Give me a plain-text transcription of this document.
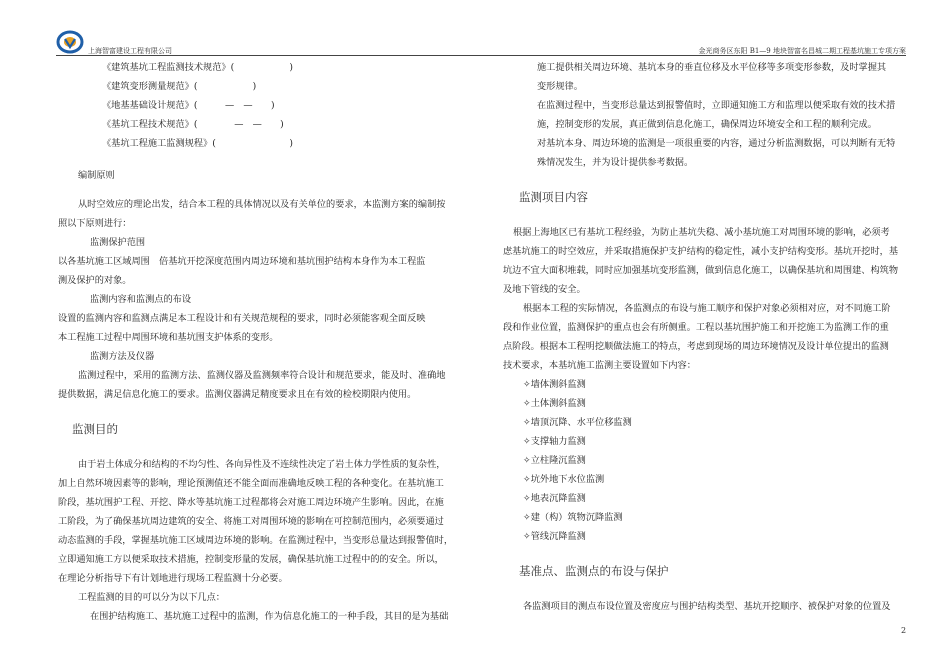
上海智富建设工程有限公司	金光商务区东阳 B1—9 地块智富名昌城二期工程基坑施工专项方案

《建筑基坑工程监测技术规范》(　　　　　　)

《建筑变形测量规范》(　　　　　　)

《地基基础设计规范》(　　　—　—　　)

《基坑工程技术规范》(　　　　—　—　　)

《基坑工程施工监测规程》(　　　　　　　　)

编制原则

从时空效应的理论出发，结合本工程的具体情况以及有关单位的要求，本监测方案的编制按

照以下原则进行：

监测保护范围

以各基坑施工区域周围　倍基坑开挖深度范围内周边环境和基坑围护结构本身作为本工程监

测及保护的对象。

监测内容和监测点的布设

设置的监测内容和监测点满足本工程设计和有关规范规程的要求，同时必须能客观全面反映

本工程施工过程中周围环境和基坑围支护体系的变形。

监测方法及仪器

监测过程中，采用的监测方法、监测仪器及监测频率符合设计和规范要求，能及时、准确地

提供数据，满足信息化施工的要求。监测仪器满足精度要求且在有效的检校期限内使用。

监测目的

由于岩土体成分和结构的不均匀性、各向异性及不连续性决定了岩土体力学性质的复杂性，

加上自然环境因素等的影响，理论预测值还不能全面而准确地反映工程的各种变化。在基坑施工

阶段，基坑围护工程、开挖、降水等基坑施工过程都将会对施工周边环境产生影响。因此，在施

工阶段，为了确保基坑周边建筑的安全、将施工对周围环境的影响在可控制范围内，必须要通过

动态监测的手段，掌握基坑施工区域周边环境的影响。在监测过程中，当变形总量达到报警值时，

立即通知施工方以便采取技术措施，控制变形量的发展，确保基坑施工过程中的的安全。所以，

在理论分析指导下有计划地进行现场工程监测十分必要。

工程监测的目的可以分为以下几点：

在围护结构施工、基坑施工过程中的监测，作为信息化施工的一种手段，其目的是为基础

施工提供相关周边环境、基坑本身的垂直位移及水平位移等多项变形参数，及时掌握其

变形规律。

在监测过程中，当变形总量达到报警值时，立即通知施工方和监理以便采取有效的技术措

施，控制变形的发展，真正做到信息化施工，确保周边环境安全和工程的顺利完成。

对基坑本身、周边环境的监测是一项很重要的内容，通过分析监测数据，可以判断有无特

殊情况发生，并为设计提供参考数据。

监测项目内容

根据上海地区已有基坑工程经验，为防止基坑失稳、减小基坑施工对周围环境的影响，必须考

虑基坑施工的时空效应，并采取措施保护支护结构的稳定性，减小支护结构变形。基坑开挖时，基

坑边不宜大面积堆载，同时应加强基坑变形监测，做到信息化施工，以确保基坑和周围建、构筑物

及地下管线的安全。

根据本工程的实际情况，各监测点的布设与施工顺序和保护对象必须相对应，对不同施工阶

段和作业位置，监测保护的重点也会有所侧重。工程以基坑围护施工和开挖施工为监测工作的重

点阶段。根据本工程明挖顺做法施工的特点，考虑到现场的周边环境情况及设计单位提出的监测

技术要求，本基坑施工监测主要设置如下内容：

✧墙体测斜监测

✧土体测斜监测

✧墙顶沉降、水平位移监测

✧支撑轴力监测

✧立柱隆沉监测

✧坑外地下水位监测

✧地表沉降监测

✧建（构）筑物沉降监测

✧管线沉降监测

基准点、监测点的布设与保护

各监测项目的测点布设位置及密度应与围护结构类型、基坑开挖顺序、被保护对象的位置及

2
